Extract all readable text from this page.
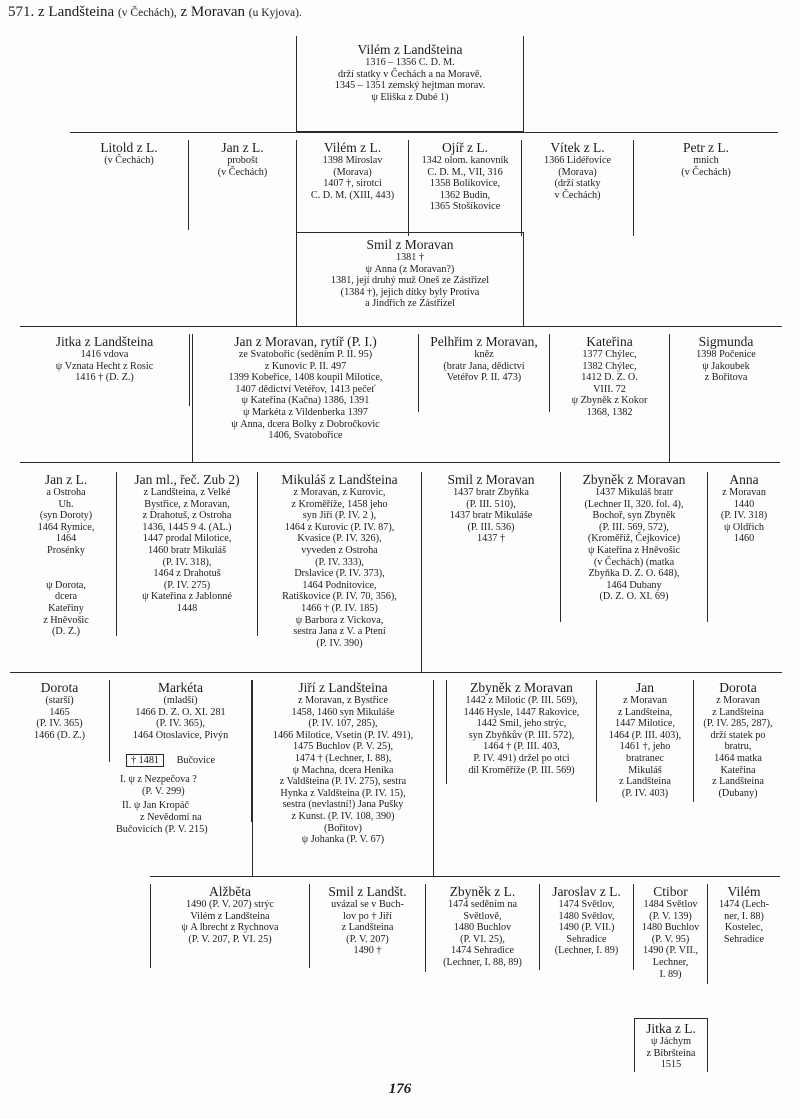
571. z Landšteina (v Čechách), z Moravan (u Kyjova).
Vilém z Landšteina
1316 – 1356 C. D. M.
drží statky v Čechách a na Moravě.
1345 – 1351 zemský hejtman morav.
ψ Eliška z Dubé 1)
Litold z L.
(v Čechách)
Jan z L.
probošt
(v Čechách)
Vilém z L.
1398 Miroslav
(Morava)
1407 †, sirotci
C. D. M. (XIII, 443)
Ojíř z L.
1342 olom. kanovník
C. D. M., VII, 316
1358 Bolíkovice,
1362 Budin,
1365 Stošíkovice
Vítek z L.
1366 Lidéřovice
(Morava)
(drží statky
v Čechách)
Petr z L.
mnich
(v Čechách)
Smil z Moravan
1381 †
ψ Anna (z Moravan?)
1381, její druhý muž Oneš ze Zástřizel
(1384 †), jejich dítky byly Protiva
a Jindřich ze Zástřizel
Jitka z Landšteina
1416 vdova
ψ Vznata Hecht z Rosic
1416 † (D. Z.)
Jan z Moravan, rytíř (P. I.)
ze Svatobořic (seděním P. II. 95)
z Kunovic P. II. 497
1399 Kobeřice, 1408 koupil Milotice,
1407 dědictví Vetéřov, 1413 pečeť
ψ Kateřina (Kačna) 1386, 1391
ψ Markéta z Vildenberka 1397
ψ Anna, dcera Bolky z Dobročkovic
1406, Svatobořice
Pelhřim z Moravan,
kněz
(bratr Jana, dědictví
Vetéřov P. II. 473)
Kateřina
1377 Chýlec,
1382 Chýlec,
1412 D. Z. O.
VIII. 72
ψ Zbyněk z Kokor
1368, 1382
Sigmunda
1398 Počenice
ψ Jakoubek
z Bořitova
Jan z L.
a Ostroha
Uh.
(syn Doroty)
1464 Rymice,
1464
Prosénky

ψ Dorota,
dcera
Kateřiny
z Hněvošic
(D. Z.)
Jan ml., řeč. Zub 2)
z Landšteina, z Velké
Bystřice, z Moravan,
z Drahotuš, z Ostroha
1436, 1445 9 4. (AL.)
1447 prodal Milotice,
1460 bratr Mikuláš
(P. IV. 318),
1464 z Drahotuš
(P. IV. 275)
ψ Kateřina z Jablonné
1448
Mikuláš z Landšteina
z Moravan, z Kurovic,
z Kroměříže, 1458 jeho
syn Jiří (P. IV. 2 ),
1464 z Kurovic (P. IV. 87),
Kvasice (P. IV. 326),
vyveden z Ostroha
(P. IV. 333),
Drslavice (P. IV. 373),
1464 Podnitovice,
Ratiškovice (P. IV. 70, 356),
1466 † (P. IV. 185)
ψ Barbora z Vickova,
sestra Jana z V. a Ptení
(P. IV. 390)
Smil z Moravan
1437 bratr Zbyňka
(P. III. 510),
1437 bratr Mikuláše
(P. III. 536)
1437 †
Zbyněk z Moravan
1437 Mikuláš bratr
(Lechner II, 320. fol. 4),
Bochoř, syn Zbyněk
(P. III. 569, 572),
(Kroměříž, Čejkovice)
ψ Kateřina z Hněvošic
(v Čechách) (matka
Zbyňka D. Z. O. 648),
1464 Dubany
(D. Z. O. XI. 69)
Anna
z Moravan
1440
(P. IV. 318)
ψ Oldřich
1460
Dorota
(starší)
1465
(P. IV. 365)
1466 (D. Z.)
Markéta
(mladší)
1466 D. Z. O. XI. 281
(P. IV. 365),
1464 Otoslavice, Pivýn
† 1481 Bučovice
I. ψ z Nezpečova ?
(P. V. 299)
II. ψ Jan Kropáč
z Nevědomí na
Bučovicích (P. V. 215)
Jiří z Landšteina
z Moravan, z Bystřice
1458, 1460 syn Mikuláše
(P. IV. 107, 285),
1466 Milotice, Vsetín (P. IV. 491),
1475 Buchlov (P. V. 25),
1474 † (Lechner, I. 88),
ψ Machna, dcera Henika
z Valdšteina (P. IV. 275), sestra
Hynka z Valdšteina (P. IV. 15),
sestra (nevlastní!) Jana Pušky
z Kunst. (P. IV. 108, 390)
(Bořitov)
ψ Johanka (P. V. 67)
Zbyněk z Moravan
1442 z Milotic (P. III. 569),
1446 Hysle, 1447 Rakovice,
1442 Smil, jeho strýc,
syn Zbyňkův (P. III. 572),
1464 † (P. III. 403,
P. IV. 491) držel po otci
díl Kroměříže (P. III. 569)
Jan
z Moravan
z Landšteina,
1447 Milotice,
1464 (P. III. 403),
1461 †, jeho
bratranec
Mikuláš
z Landšteina
(P. IV. 403)
Dorota
z Moravan
z Landšteina
(P. IV. 285, 287),
drží statek po
bratru,
1464 matka
Kateřina
z Landšteina
(Dubany)
Alžběta
1490 (P. V. 207) strýc
Vilém z Landšteina
ψ A lbrecht z Rychnova
(P. V. 207, P. VI. 25)
Smil z Landšt.
uvázal se v Buch-
lov po † Jiří
z Landšteina
(P. V. 207)
1490 †
Zbyněk z L.
1474 seděním na
Světlově,
1480 Buchlov
(P. VI. 25),
1474 Sehradice
(Lechner, I. 88, 89)
Jaroslav z L.
1474 Světlov,
1480 Světlov,
1490 (P. VII.)
Sehradice
(Lechner, I. 89)
Ctibor
1484 Světlov
(P. V. 139)
1480 Buchlov
(P. V. 95)
1490 (P. VII.,
Lechner,
I. 89)
Vilém
1474 (Lech-
ner, I. 88)
Kostelec,
Sehradice
Jitka z L.
ψ Jáchym
z Bibršteina
1515
176
